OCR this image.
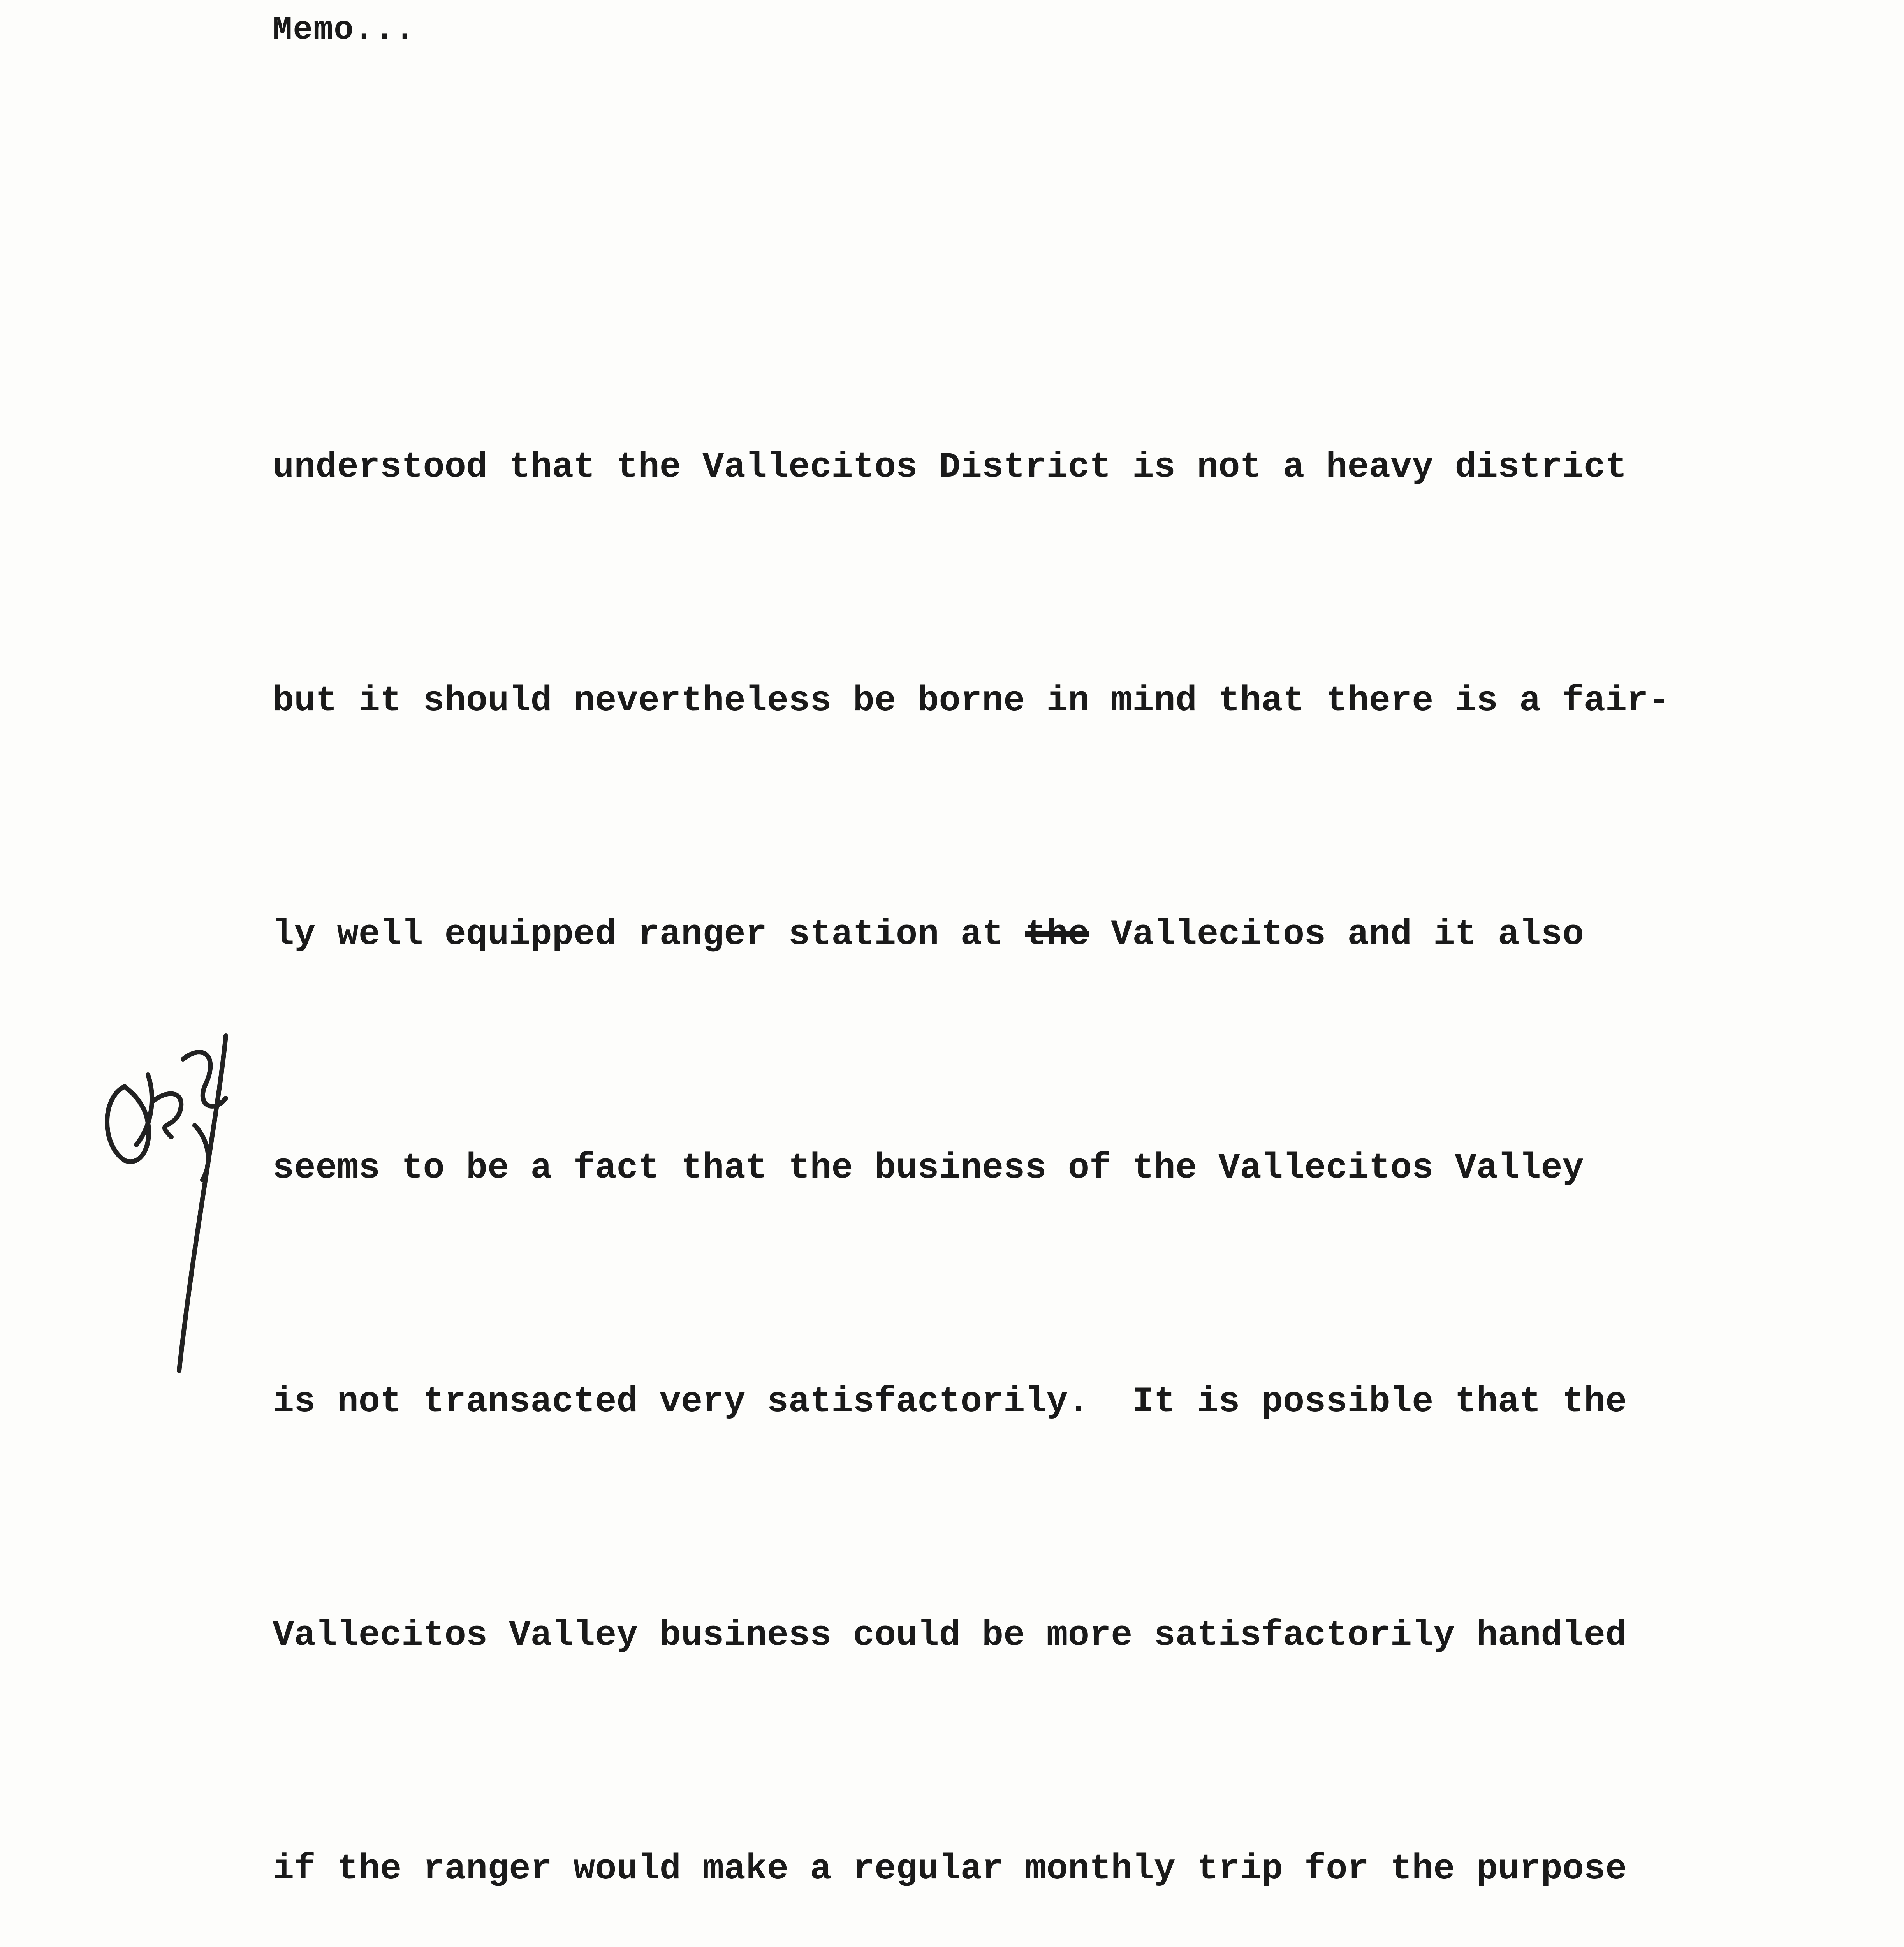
Memo...

understood that the Vallecitos District is not a heavy district

but it should nevertheless be borne in mind that there is a fair-

ly well equipped ranger station at the Vallecitos and it also

seems to be a fact that the business of the Vallecitos Valley

is not transacted very satisfactorily.  It is possible that the

Vallecitos Valley business could be more satisfactorily handled

if the ranger would make a regular monthly trip for the purpose
